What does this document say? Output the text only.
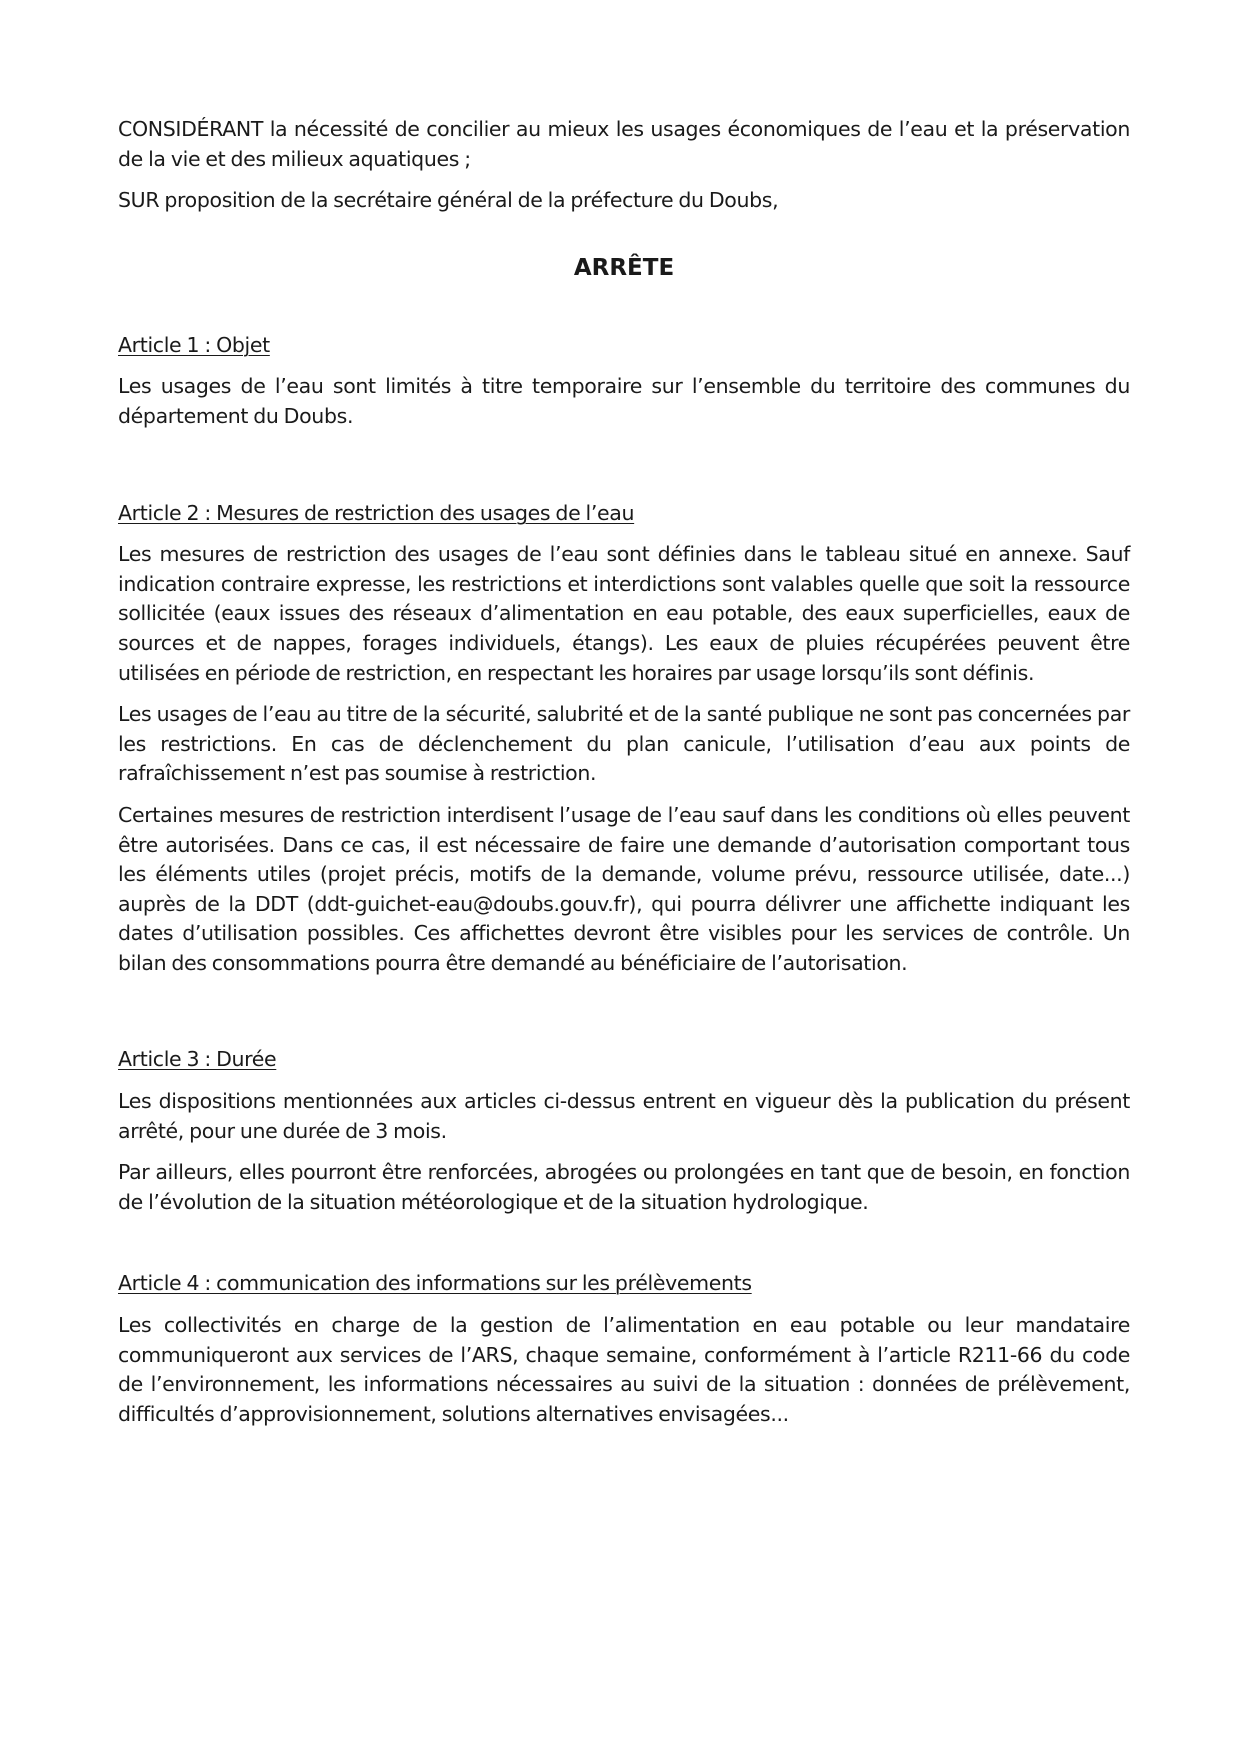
CONSIDÉRANT la nécessité de concilier au mieux les usages économiques de l’eau et la préservation de la vie et des milieux aquatiques ;

SUR proposition de la secrétaire général de la préfecture du Doubs,

ARRÊTE
Article 1 : Objet

Les usages de l’eau sont limités à titre temporaire sur l’ensemble du territoire des communes du département du Doubs.

Article 2 : Mesures de restriction des usages de l’eau

Les mesures de restriction des usages de l’eau sont définies dans le tableau situé en annexe. Sauf indication contraire expresse, les restrictions et interdictions sont valables quelle que soit la ressource sollicitée (eaux issues des réseaux d’alimentation en eau potable, des eaux superficielles, eaux de sources et de nappes, forages individuels, étangs). Les eaux de pluies récupérées peuvent être utilisées en période de restriction, en respectant les horaires par usage lorsqu’ils sont définis.

Les usages de l’eau au titre de la sécurité, salubrité et de la santé publique ne sont pas concernées par les restrictions. En cas de déclenchement du plan canicule, l’utilisation d’eau aux points de rafraîchissement n’est pas soumise à restriction.

Certaines mesures de restriction interdisent l’usage de l’eau sauf dans les conditions où elles peuvent être autorisées. Dans ce cas, il est nécessaire de faire une demande d’autorisation comportant tous les éléments utiles (projet précis, motifs de la demande, volume prévu, ressource utilisée, date...) auprès de la DDT (ddt-guichet-eau@doubs.gouv.fr), qui pourra délivrer une affichette indiquant les dates d’utilisation possibles. Ces affichettes devront être visibles pour les services de contrôle. Un bilan des consommations pourra être demandé au bénéficiaire de l’autorisation.

Article 3 : Durée

Les dispositions mentionnées aux articles ci-dessus entrent en vigueur dès la publication du présent arrêté, pour une durée de 3 mois.

Par ailleurs, elles pourront être renforcées, abrogées ou prolongées en tant que de besoin, en fonction de l’évolution de la situation météorologique et de la situation hydrologique.

Article 4 : communication des informations sur les prélèvements

Les collectivités en charge de la gestion de l’alimentation en eau potable ou leur mandataire communiqueront aux services de l’ARS, chaque semaine, conformément à l’article R211-66 du code de l’environnement, les informations nécessaires au suivi de la situation : données de prélèvement, difficultés d’approvisionnement, solutions alternatives envisagées...
